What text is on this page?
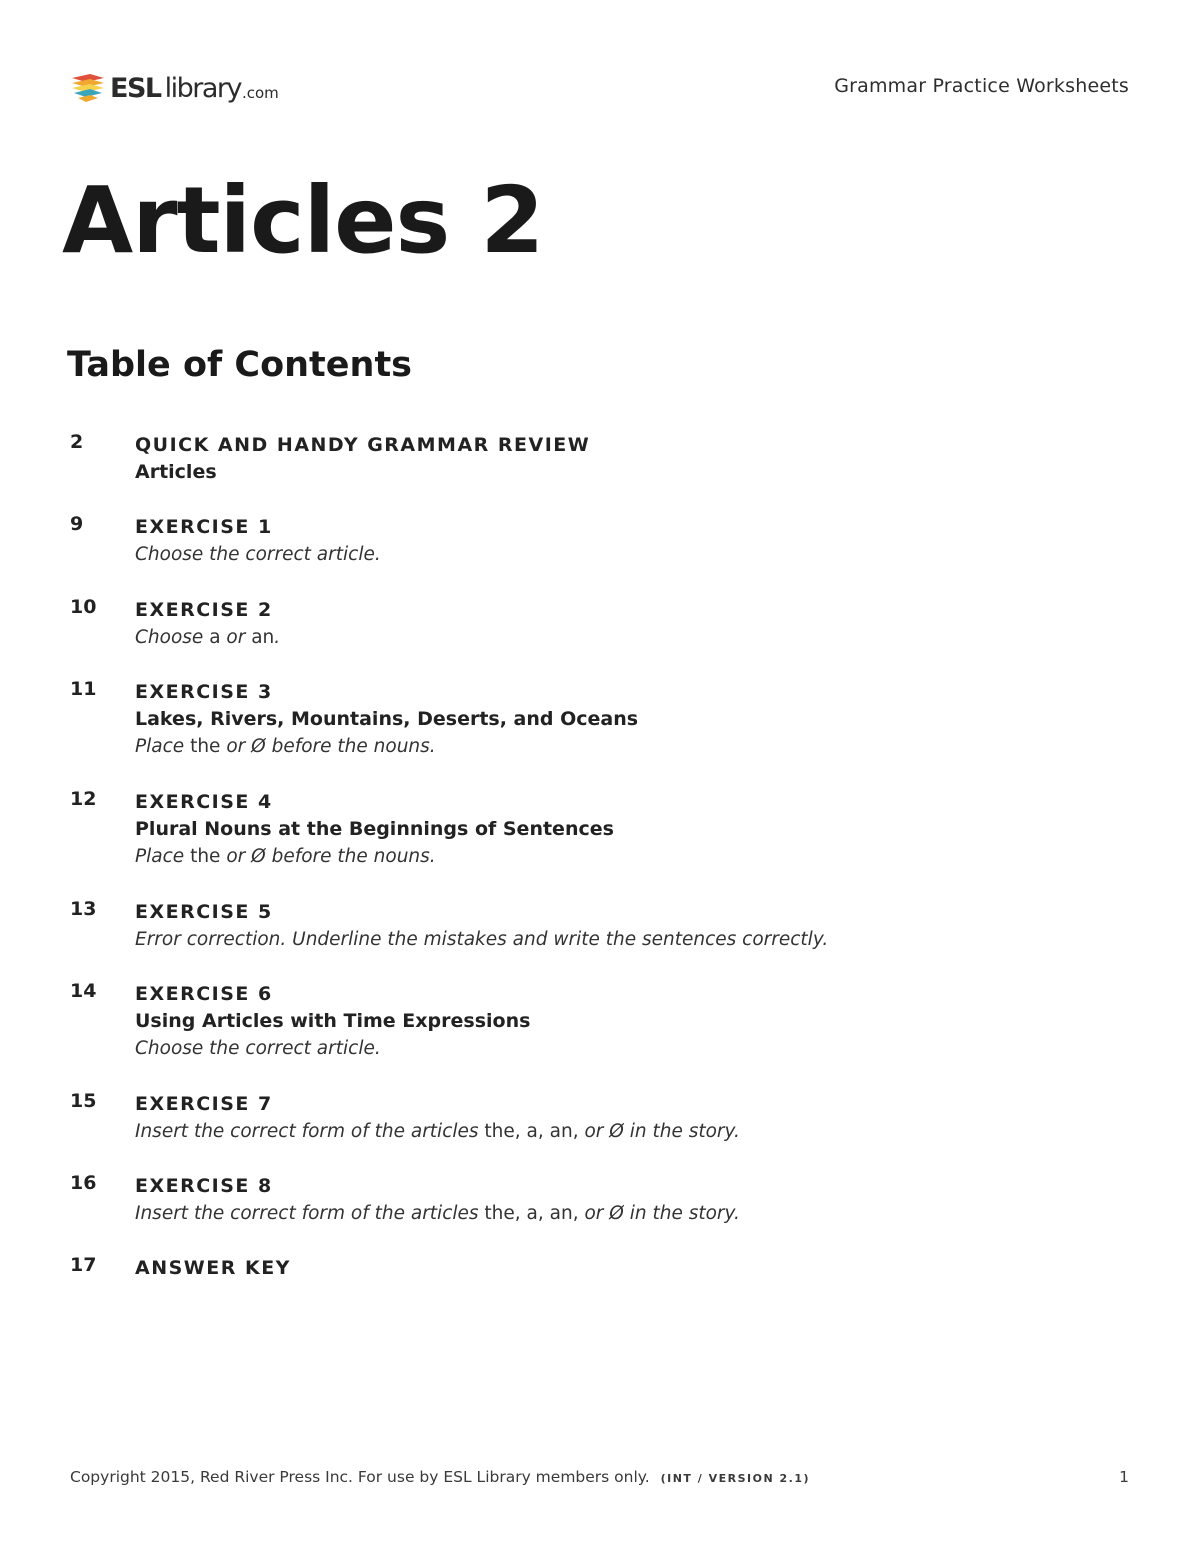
ESL library .com	Grammar Practice Worksheets
Articles 2
Table of Contents
2	QUICK AND HANDY GRAMMAR REVIEW
Articles
9	EXERCISE 1
Choose the correct article.
10 EXERCISE 2
Choose a or an.
11 EXERCISE 3
Lakes, Rivers, Mountains, Deserts, and Oceans
Place the or Ø before the nouns.
12 EXERCISE 4
Plural Nouns at the Beginnings of Sentences
Place the or Ø before the nouns.
13 EXERCISE 5
Error correction. Underline the mistakes and write the sentences correctly.
14 EXERCISE 6
Using Articles with Time Expressions
Choose the correct article.
15 EXERCISE 7
Insert the correct form of the articles the, a, an, or Ø in the story.
16 EXERCISE 8
Insert the correct form of the articles the, a, an, or Ø in the story.
17 ANSWER KEY
Copyright 2015, Red River Press Inc. For use by ESL Library members only. (INT / VERSION 2.1)	1
